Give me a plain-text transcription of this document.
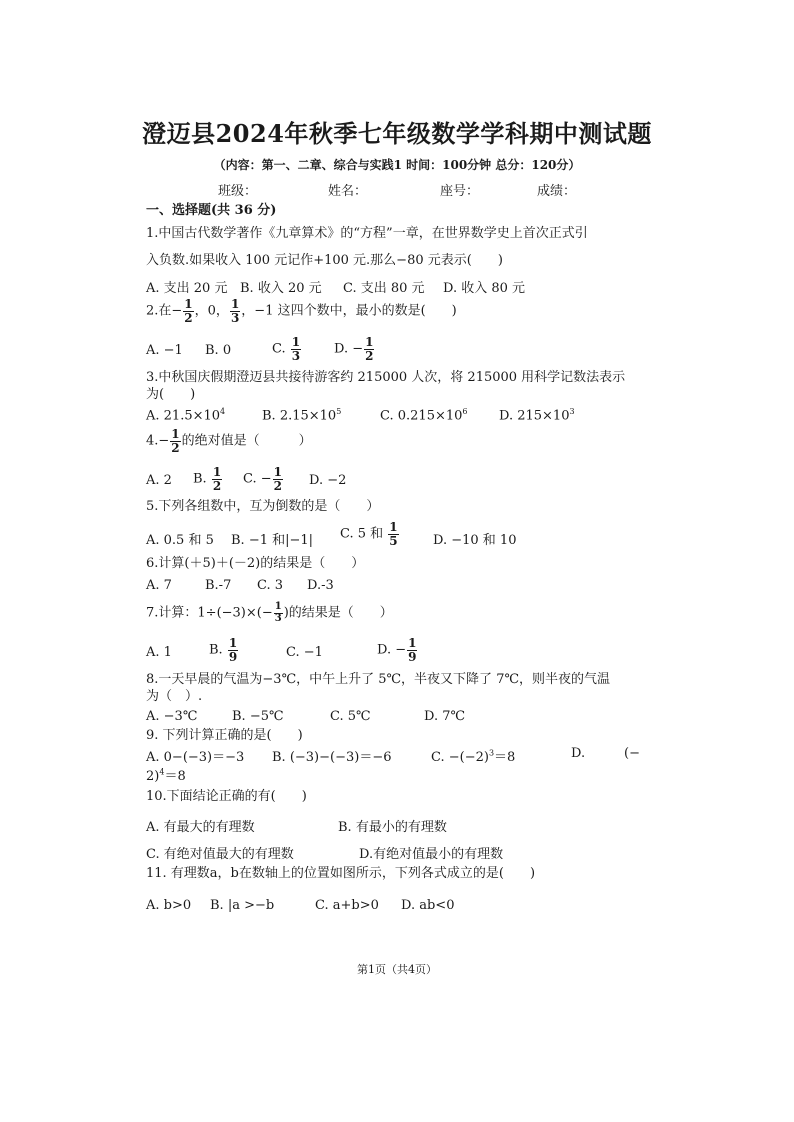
澄迈县2024年秋季七年级数学学科期中测试题
（内容：第一、二章、综合与实践1 时间：100分钟 总分：120分）
班级：	姓名：	座号：	成绩：
一、选择题(共 36 分)
1.中国古代数学著作《九章算术》的“方程”一章，在世界数学史上首次正式引
入负数.如果收入 100 元记作+100 元.那么−80 元表示(　　)
A. 支出 20 元 B. 收入 20 元 C. 支出 80 元 D. 收入 80 元
2.在− $\frac{1}{2}$ ，0， $\frac{1}{3}$ ，−1 这四个数中，最小的数是(　　)
A. −1 B. 0	C. $\frac{1}{3}$	D. − $\frac{1}{2}$
3.中秋国庆假期澄迈县共接待游客约 215000 人次，将 215000 用科学记数法表示
为(　　)
A. $21.5\times 10^4$	B. $2.15\times 10^5$	C. $0.215\times 10^6$ D. $215\times 10^3$
$4.- \frac{1}{2}$ 的绝对值是（　　　）
A. 2 B. $\frac{1}{2} C$. − $\frac{1}{2} D$. −2
5.下列各组数中，互为倒数的是（　　）
A. 0.5 和 5 B. −1 和|−1| C. 5 和 $\frac{1}{5}$	D. −10 和 10
6.计算(＋5)＋(－2)的结果是（　　）
A. 7	B.-7 C. 3 D.-3
7.计算：$1\div(-3)\times(- \frac{1}{3}$ )的结果是（　　）
A. 1	B. $\frac{1}{9}$	C. −1	D. − $\frac{1}{9}$
8.一天早晨的气温为−3℃，中午上升了 5℃，半夜又下降了 7℃，则半夜的气温
为（　）.
A. −3℃	B. −5℃	C. 5℃	D. 7℃
9. 下列计算正确的是(　　)
A. 0−(−3)＝−3 B. (−3)−(−3)＝−6	C. $-(-2)^3=8$	D.	(−
2)$^4$＝8
10.下面结论正确的有(　　)
A. 有最大的有理数	B. 有最小的有理数
C. 有绝对值最大的有理数	D.有绝对值最小的有理数
11. 有理数a，b在数轴上的位置如图所示，下列各式成立的是(　　)
A. b>0 B. |a >−b	C. a+b>0 D. ab<0
第1页（共4页）
